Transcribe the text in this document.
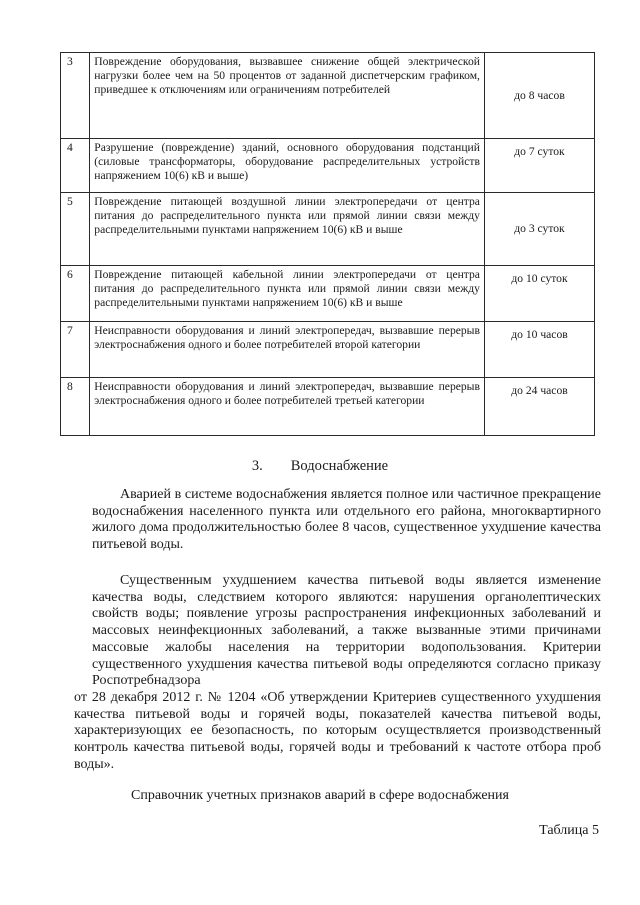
3	Повреждение оборудования, вызвавшее снижение общей электрической нагрузки более чем на 50 процентов от заданной диспетчерским графиком, приведшее к отключениям или ограничениям потребителей	до 8 часов
4	Разрушение (повреждение) зданий, основного оборудования подстанций (силовые трансформаторы, оборудование распределительных устройств напряжением 10(6) кВ и выше)	до 7 суток
5	Повреждение питающей воздушной линии электропередачи от центра питания до распределительного пункта или прямой линии связи между распределительными пунктами напряжением 10(6) кВ и выше	до 3 суток
6	Повреждение питающей кабельной линии электропередачи от центра питания до распределительного пункта или прямой линии связи между распределительными пунктами напряжением 10(6) кВ и выше	до 10 суток
7	Неисправности оборудования и линий электропередач, вызвавшие перерыв электроснабжения одного и более потребителей второй категории	до 10 часов
8	Неисправности оборудования и линий электропередач, вызвавшие перерыв электроснабжения одного и более потребителей третьей категории	до 24 часов
3. Водоснабжение

Аварией в системе водоснабжения является полное или частичное прекращение водоснабжения населенного пункта или отдельного его района, многоквартирного жилого дома продолжительностью более 8 часов, существенное ухудшение качества питьевой воды.

Существенным ухудшением качества питьевой воды является изменение качества воды, следствием которого являются: нарушения органолептических свойств воды; появление угрозы распространения инфекционных заболеваний и массовых неинфекционных заболеваний, а также вызванные этими причинами массовые жалобы населения на территории водопользования. Критерии существенного ухудшения качества питьевой воды определяются согласно приказу Роспотребнадзора

от 28 декабря 2012 г. № 1204 «Об утверждении Критериев существенного ухудшения качества питьевой воды и горячей воды, показателей качества питьевой воды, характеризующих ее безопасность, по которым осуществляется производственный контроль качества питьевой воды, горячей воды и требований к частоте отбора проб воды».
Справочник учетных признаков аварий в сфере водоснабжения
Таблица 5
